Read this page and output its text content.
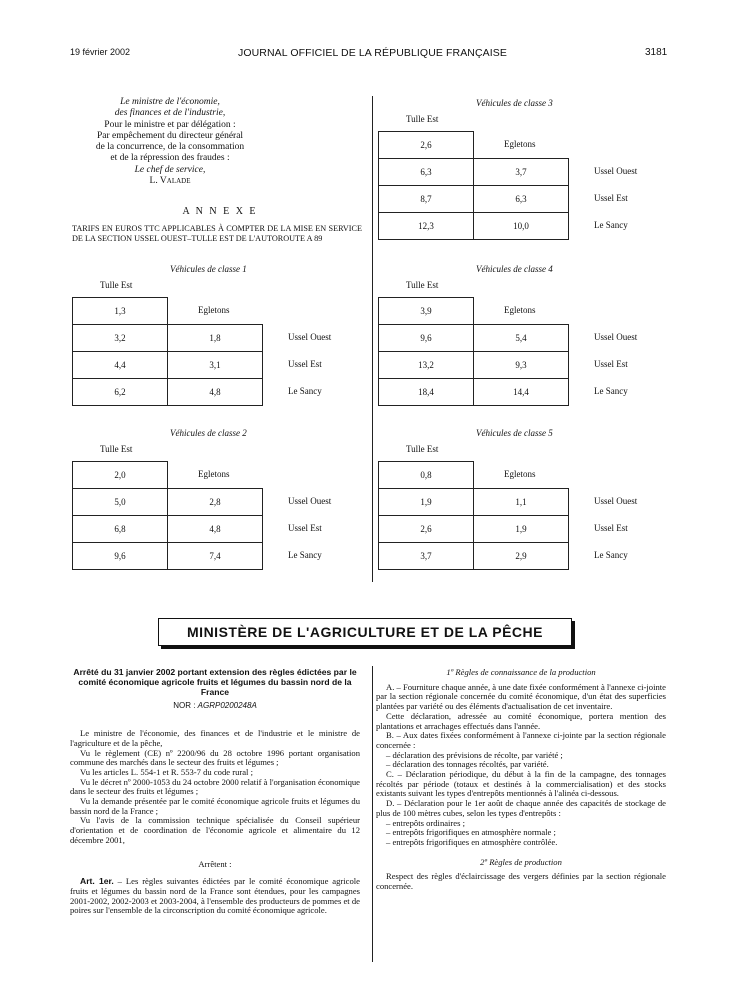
19 février 2002	JOURNAL OFFICIEL DE LA RÉPUBLIQUE FRANÇAISE	3181
Le ministre de l'économie,
des finances et de l'industrie,
Pour le ministre et par délégation :
Par empêchement du directeur général
de la concurrence, de la consommation
et de la répression des fraudes :
Le chef de service,
L. Valade
A N N E X E
TARIFS EN EUROS TTC APPLICABLES À COMPTER DE LA MISE EN SERVICE DE LA SECTION USSEL OUEST–TULLE EST DE L'AUTOROUTE A 89
Véhicules de classe 1
Tulle Est
1,3	Egletons
3,2	1,8	Ussel Ouest
4,4	3,1	Ussel Est
6,2	4,8	Le Sancy
Véhicules de classe 2
Tulle Est
2,0	Egletons
5,0	2,8	Ussel Ouest
6,8	4,8	Ussel Est
9,6	7,4	Le Sancy
Véhicules de classe 3
Tulle Est
2,6	Egletons
6,3	3,7	Ussel Ouest
8,7	6,3	Ussel Est
12,3	10,0	Le Sancy
Véhicules de classe 4
Tulle Est
3,9	Egletons
9,6	5,4	Ussel Ouest
13,2	9,3	Ussel Est
18,4	14,4	Le Sancy
Véhicules de classe 5
Tulle Est
0,8	Egletons
1,9	1,1	Ussel Ouest
2,6	1,9	Ussel Est
3,7	2,9	Le Sancy
MINISTÈRE DE L'AGRICULTURE ET DE LA PÊCHE
Arrêté du 31 janvier 2002 portant extension des règles édictées par le comité économique agricole fruits et légumes du bassin nord de la France
NOR : AGRP0200248A
Le ministre de l'économie, des finances et de l'industrie et le ministre de l'agriculture et de la pêche,
Vu le règlement (CE) nº 2200/96 du 28 octobre 1996 portant organisation commune des marchés dans le secteur des fruits et légumes ;
Vu les articles L. 554-1 et R. 553-7 du code rural ;
Vu le décret nº 2000-1053 du 24 octobre 2000 relatif à l'organisation économique dans le secteur des fruits et légumes ;
Vu la demande présentée par le comité économique agricole fruits et légumes du bassin nord de la France ;
Vu l'avis de la commission technique spécialisée du Conseil supérieur d'orientation et de coordination de l'économie agricole et alimentaire du 12 décembre 2001,
Arrêtent :
Art. 1er. – Les règles suivantes édictées par le comité économique agricole fruits et légumes du bassin nord de la France sont étendues, pour les campagnes 2001-2002, 2002-2003 et 2003-2004, à l'ensemble des producteurs de pommes et de poires sur l'ensemble de la circonscription du comité économique agricole.
1º Règles de connaissance de la production
A. – Fourniture chaque année, à une date fixée conformément à l'annexe ci-jointe par la section régionale concernée du comité économique, d'un état des superficies plantées par variété ou des éléments d'actualisation de cet inventaire.
Cette déclaration, adressée au comité économique, portera mention des plantations et arrachages effectués dans l'année.
B. – Aux dates fixées conformément à l'annexe ci-jointe par la section régionale concernée :
– déclaration des prévisions de récolte, par variété ;
– déclaration des tonnages récoltés, par variété.
C. – Déclaration périodique, du début à la fin de la campagne, des tonnages récoltés par période (totaux et destinés à la commercialisation) et des stocks existants suivant les types d'entrepôts mentionnés à l'alinéa ci-dessous.
D. – Déclaration pour le 1er août de chaque année des capacités de stockage de plus de 100 mètres cubes, selon les types d'entrepôts :
– entrepôts ordinaires ;
– entrepôts frigorifiques en atmosphère normale ;
– entrepôts frigorifiques en atmosphère contrôlée.
2º Règles de production
Respect des règles d'éclaircissage des vergers définies par la section régionale concernée.
